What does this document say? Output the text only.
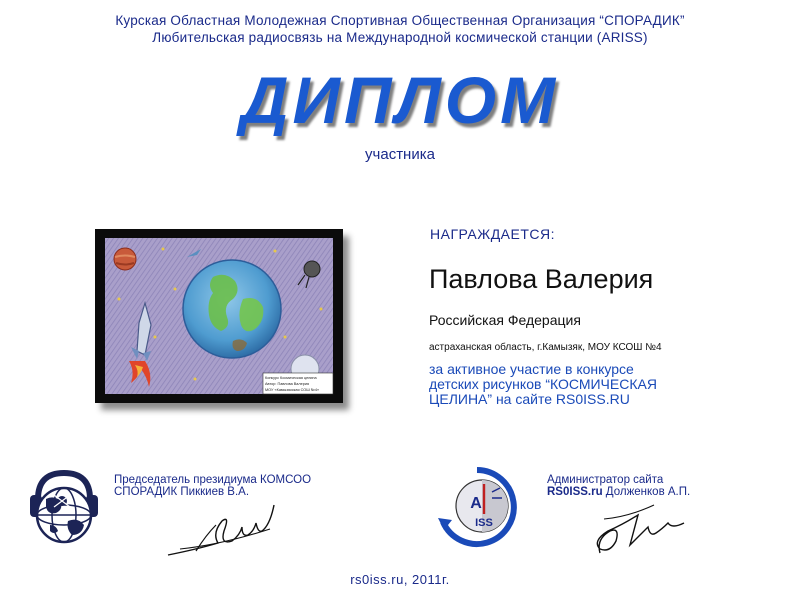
Курская Областная Молодежная Спортивная Общественная Организация “СПОРАДИК”
Любительская радиосвязь на Международной космической станции (ARISS)
ДИПЛОМ
участника
Конкурс Космическая целина
Автор: Павлова Валерия
МОУ «Камызякская СОШ №4»
НАГРАЖДАЕТСЯ:
Павлова Валерия
Российская Федерация
астраханская область, г.Камызяк, МОУ КСОШ №4
за активное участие в конкурсе
детских рисунков “КОСМИЧЕСКАЯ
ЦЕЛИНА” на сайте RS0ISS.RU
Председатель президиума КОМСОО
СПОРАДИК Пиккиев В.А.
A
ISS
Администратор сайта
RS0ISS.ru Долженков А.П.
rs0iss.ru, 2011г.
